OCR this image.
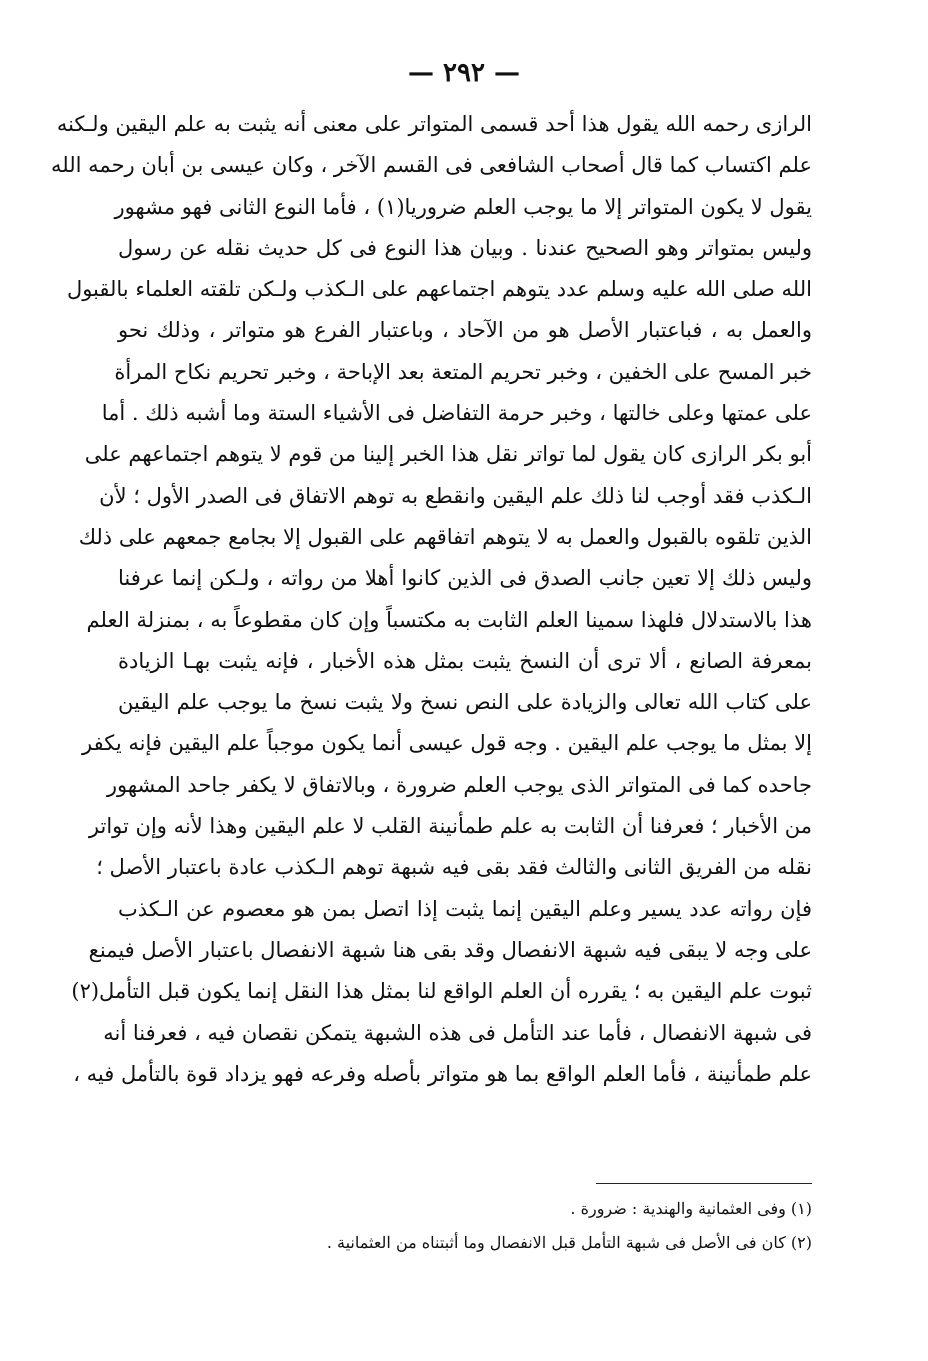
— ٢٩٢ —
الرازى رحمه الله يقول هذا أحد قسمى المتواتر على معنى أنه يثبت به علم اليقين ولـكنه
علم اكتساب كما قال أصحاب الشافعى فى القسم الآخر ، وكان عيسى بن أبان رحمه الله
يقول لا يكون المتواتر إلا ما يوجب العلم ضروريا(١) ، فأما النوع الثانى فهو مشهور
وليس بمتواتر وهو الصحيح عندنا . وبيان هذا النوع فى كل حديث نقله عن رسول
الله صلى الله عليه وسلم عدد يتوهم اجتماعهم على الـكذب ولـكن تلقته العلماء بالقبول
والعمل به ، فباعتبار الأصل هو من الآحاد ، وباعتبار الفرع هو متواتر ، وذلك نحو
خبر المسح على الخفين ، وخبر تحريم المتعة بعد الإباحة ، وخبر تحريم نكاح المرأة
على عمتها وعلى خالتها ، وخبر حرمة التفاضل فى الأشياء الستة وما أشبه ذلك . أما
أبو بكر الرازى كان يقول لما تواتر نقل هذا الخبر إلينا من قوم لا يتوهم اجتماعهم على
الـكذب فقد أوجب لنا ذلك علم اليقين وانقطع به توهم الاتفاق فى الصدر الأول ؛ لأن
الذين تلقوه بالقبول والعمل به لا يتوهم اتفاقهم على القبول إلا بجامع جمعهم على ذلك
وليس ذلك إلا تعين جانب الصدق فى الذين كانوا أهلا من رواته ، ولـكن إنما عرفنا
هذا بالاستدلال فلهذا سمينا العلم الثابت به مكتسباً وإن كان مقطوعاً به ، بمنزلة العلم
بمعرفة الصانع ، ألا ترى أن النسخ يثبت بمثل هذه الأخبار ، فإنه يثبت بهـا الزيادة
على كتاب الله تعالى والزيادة على النص نسخ ولا يثبت نسخ ما يوجب علم اليقين
إلا بمثل ما يوجب علم اليقين . وجه قول عيسى أنما يكون موجباً علم اليقين فإنه يكفر
جاحده كما فى المتواتر الذى يوجب العلم ضرورة ، وبالاتفاق لا يكفر جاحد المشهور
من الأخبار ؛ فعرفنا أن الثابت به علم طمأنينة القلب لا علم اليقين وهذا لأنه وإن تواتر
نقله من الفريق الثانى والثالث فقد بقى فيه شبهة توهم الـكذب عادة باعتبار الأصل ؛
فإن رواته عدد يسير وعلم اليقين إنما يثبت إذا اتصل بمن هو معصوم عن الـكذب
على وجه لا يبقى فيه شبهة الانفصال وقد بقى هنا شبهة الانفصال باعتبار الأصل فيمنع
ثبوت علم اليقين به ؛ يقرره أن العلم الواقع لنا بمثل هذا النقل إنما يكون قبل التأمل(٢)
فى شبهة الانفصال ، فأما عند التأمل فى هذه الشبهة يتمكن نقصان فيه ، فعرفنا أنه
علم طمأنينة ، فأما العلم الواقع بما هو متواتر بأصله وفرعه فهو يزداد قوة بالتأمل فيه ،
(١) وفى العثمانية والهندية : ضرورة .
(٢) كان فى الأصل فى شبهة التأمل قبل الانفصال وما أثبتناه من العثمانية .
